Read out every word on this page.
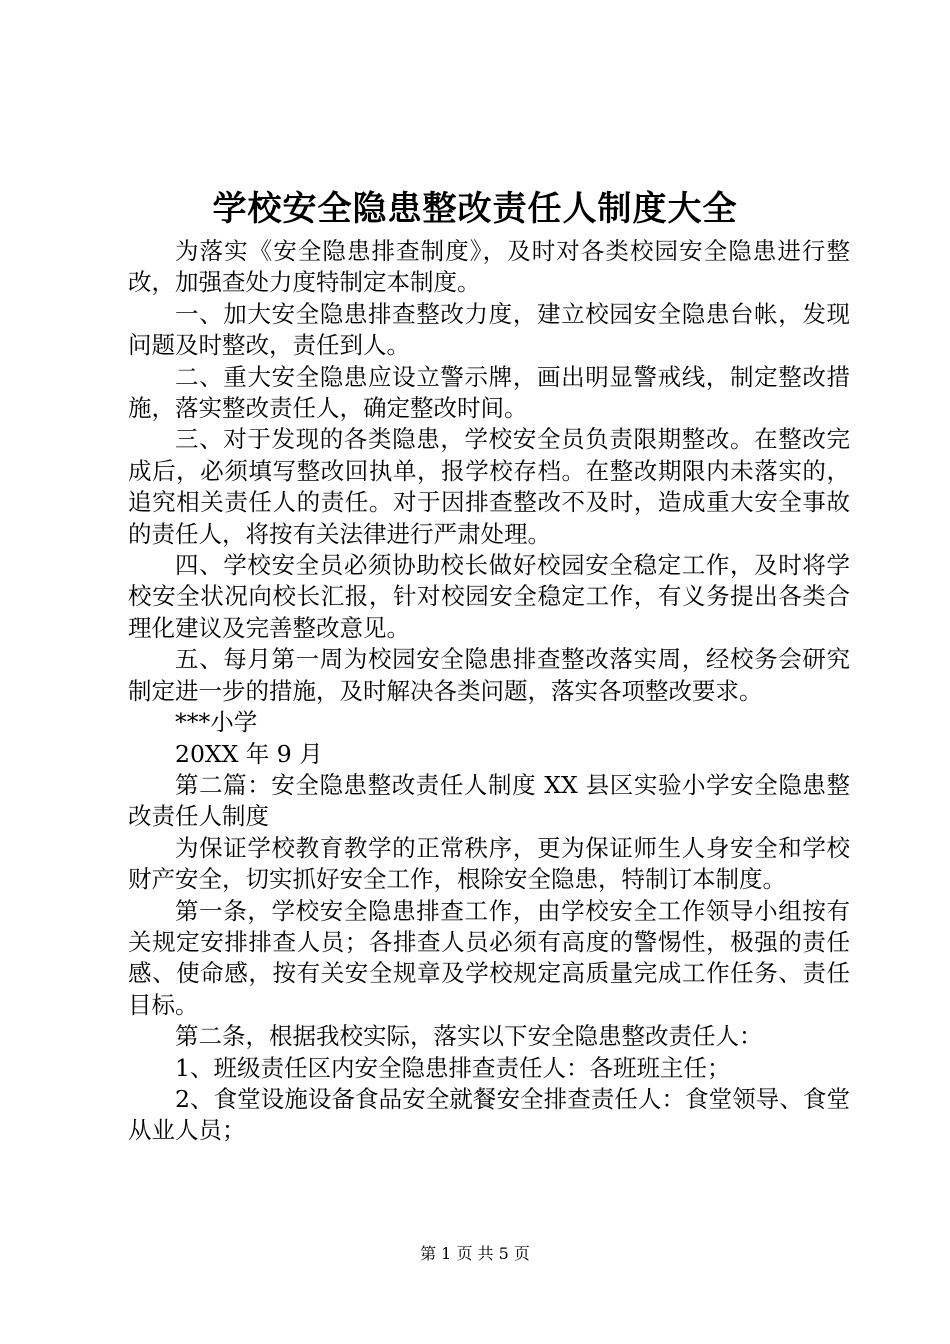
学校安全隐患整改责任人制度大全

为落实《安全隐患排查制度》，及时对各类校园安全隐患进行整改，加强查处力度特制定本制度。

一、加大安全隐患排查整改力度，建立校园安全隐患台帐，发现问题及时整改，责任到人。

二、重大安全隐患应设立警示牌，画出明显警戒线，制定整改措施，落实整改责任人，确定整改时间。

三、对于发现的各类隐患，学校安全员负责限期整改。在整改完成后，必须填写整改回执单，报学校存档。在整改期限内未落实的，追究相关责任人的责任。对于因排查整改不及时，造成重大安全事故的责任人，将按有关法律进行严肃处理。

四、学校安全员必须协助校长做好校园安全稳定工作，及时将学校安全状况向校长汇报，针对校园安全稳定工作，有义务提出各类合理化建议及完善整改意见。

五、每月第一周为校园安全隐患排查整改落实周，经校务会研究制定进一步的措施，及时解决各类问题，落实各项整改要求。

***小学

20XX 年 9 月

第二篇：安全隐患整改责任人制度 XX 县区实验小学安全隐患整改责任人制度

为保证学校教育教学的正常秩序，更为保证师生人身安全和学校财产安全，切实抓好安全工作，根除安全隐患，特制订本制度。

第一条，学校安全隐患排查工作，由学校安全工作领导小组按有关规定安排排查人员；各排查人员必须有高度的警惕性，极强的责任感、使命感，按有关安全规章及学校规定高质量完成工作任务、责任目标。

第二条，根据我校实际，落实以下安全隐患整改责任人：

1、班级责任区内安全隐患排查责任人：各班班主任；

2、食堂设施设备食品安全就餐安全排查责任人：食堂领导、食堂从业人员；

第 1 页 共 5 页
